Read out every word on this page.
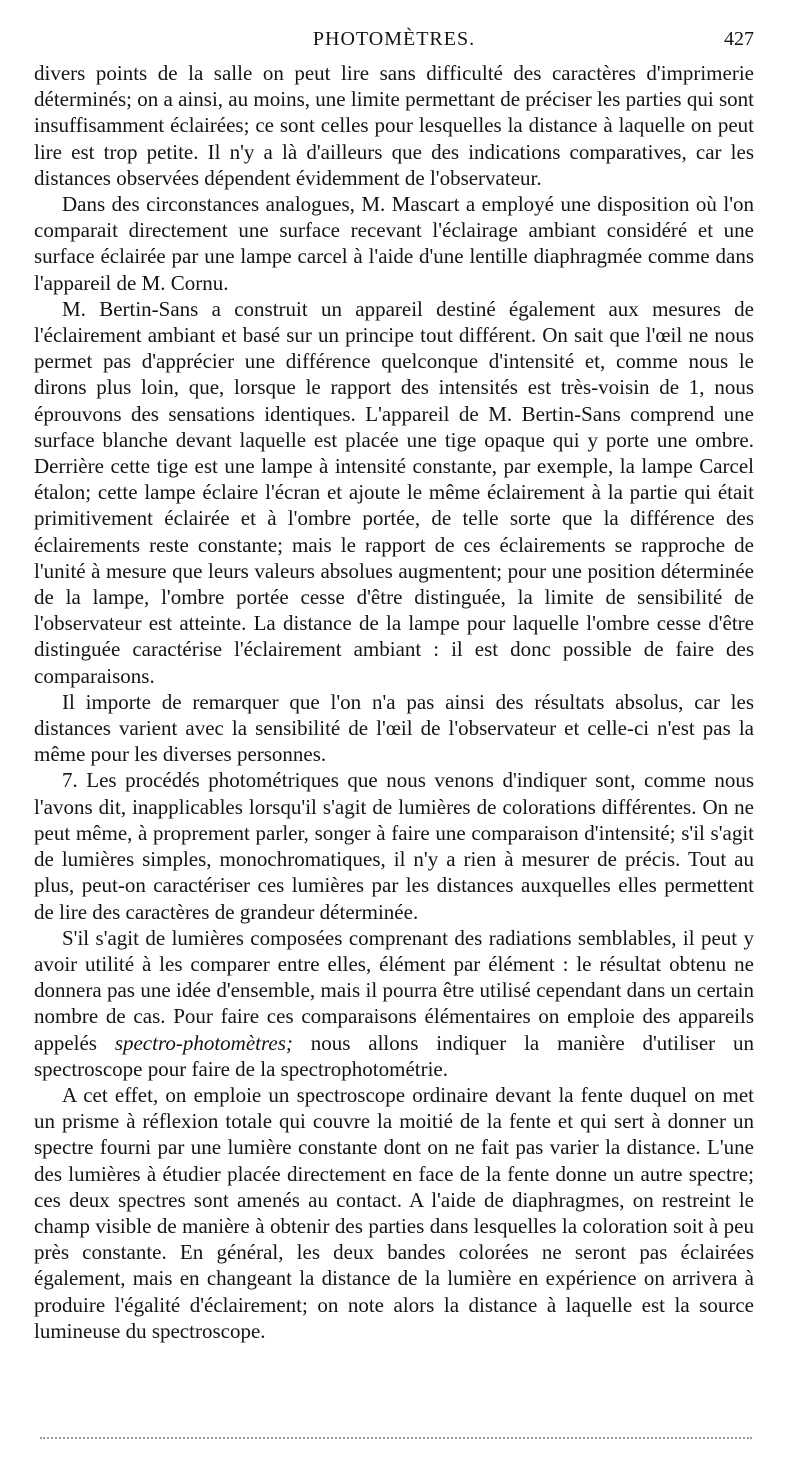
PHOTOMÈTRES.	427

divers points de la salle on peut lire sans difficulté des caractères d'imprimerie déterminés; on a ainsi, au moins, une limite permettant de préciser les parties qui sont insuffisamment éclairées; ce sont celles pour lesquelles la distance à laquelle on peut lire est trop petite. Il n'y a là d'ailleurs que des indications comparatives, car les distances observées dépendent évidemment de l'observateur.

Dans des circonstances analogues, M. Mascart a employé une disposition où l'on comparait directement une surface recevant l'éclairage ambiant considéré et une surface éclairée par une lampe carcel à l'aide d'une lentille diaphragmée comme dans l'appareil de M. Cornu.

M. Bertin-Sans a construit un appareil destiné également aux mesures de l'éclairement ambiant et basé sur un principe tout différent. On sait que l'œil ne nous permet pas d'apprécier une différence quelconque d'intensité et, comme nous le dirons plus loin, que, lorsque le rapport des intensités est très-voisin de 1, nous éprouvons des sensations identiques. L'appareil de M. Bertin-Sans comprend une surface blanche devant laquelle est placée une tige opaque qui y porte une ombre. Derrière cette tige est une lampe à intensité constante, par exemple, la lampe Carcel étalon; cette lampe éclaire l'écran et ajoute le même éclairement à la partie qui était primitivement éclairée et à l'ombre portée, de telle sorte que la différence des éclairements reste constante; mais le rapport de ces éclairements se rapproche de l'unité à mesure que leurs valeurs absolues augmentent; pour une position déterminée de la lampe, l'ombre portée cesse d'être distinguée, la limite de sensibilité de l'observateur est atteinte. La distance de la lampe pour laquelle l'ombre cesse d'être distinguée caractérise l'éclairement ambiant : il est donc possible de faire des comparaisons.

Il importe de remarquer que l'on n'a pas ainsi des résultats absolus, car les distances varient avec la sensibilité de l'œil de l'observateur et celle-ci n'est pas la même pour les diverses personnes.

7. Les procédés photométriques que nous venons d'indiquer sont, comme nous l'avons dit, inapplicables lorsqu'il s'agit de lumières de colorations différentes. On ne peut même, à proprement parler, songer à faire une comparaison d'intensité; s'il s'agit de lumières simples, monochromatiques, il n'y a rien à mesurer de précis. Tout au plus, peut-on caractériser ces lumières par les distances auxquelles elles permettent de lire des caractères de grandeur déterminée.

S'il s'agit de lumières composées comprenant des radiations semblables, il peut y avoir utilité à les comparer entre elles, élément par élément : le résultat obtenu ne donnera pas une idée d'ensemble, mais il pourra être utilisé cependant dans un certain nombre de cas. Pour faire ces comparaisons élémentaires on emploie des appareils appelés spectro-photomètres; nous allons indiquer la manière d'utiliser un spectroscope pour faire de la spectrophotométrie.

A cet effet, on emploie un spectroscope ordinaire devant la fente duquel on met un prisme à réflexion totale qui couvre la moitié de la fente et qui sert à donner un spectre fourni par une lumière constante dont on ne fait pas varier la distance. L'une des lumières à étudier placée directement en face de la fente donne un autre spectre; ces deux spectres sont amenés au contact. A l'aide de diaphragmes, on restreint le champ visible de manière à obtenir des parties dans lesquelles la coloration soit à peu près constante. En général, les deux bandes colorées ne seront pas éclairées également, mais en changeant la distance de la lumière en expérience on arrivera à produire l'égalité d'éclairement; on note alors la distance à laquelle est la source lumineuse du spectroscope.
